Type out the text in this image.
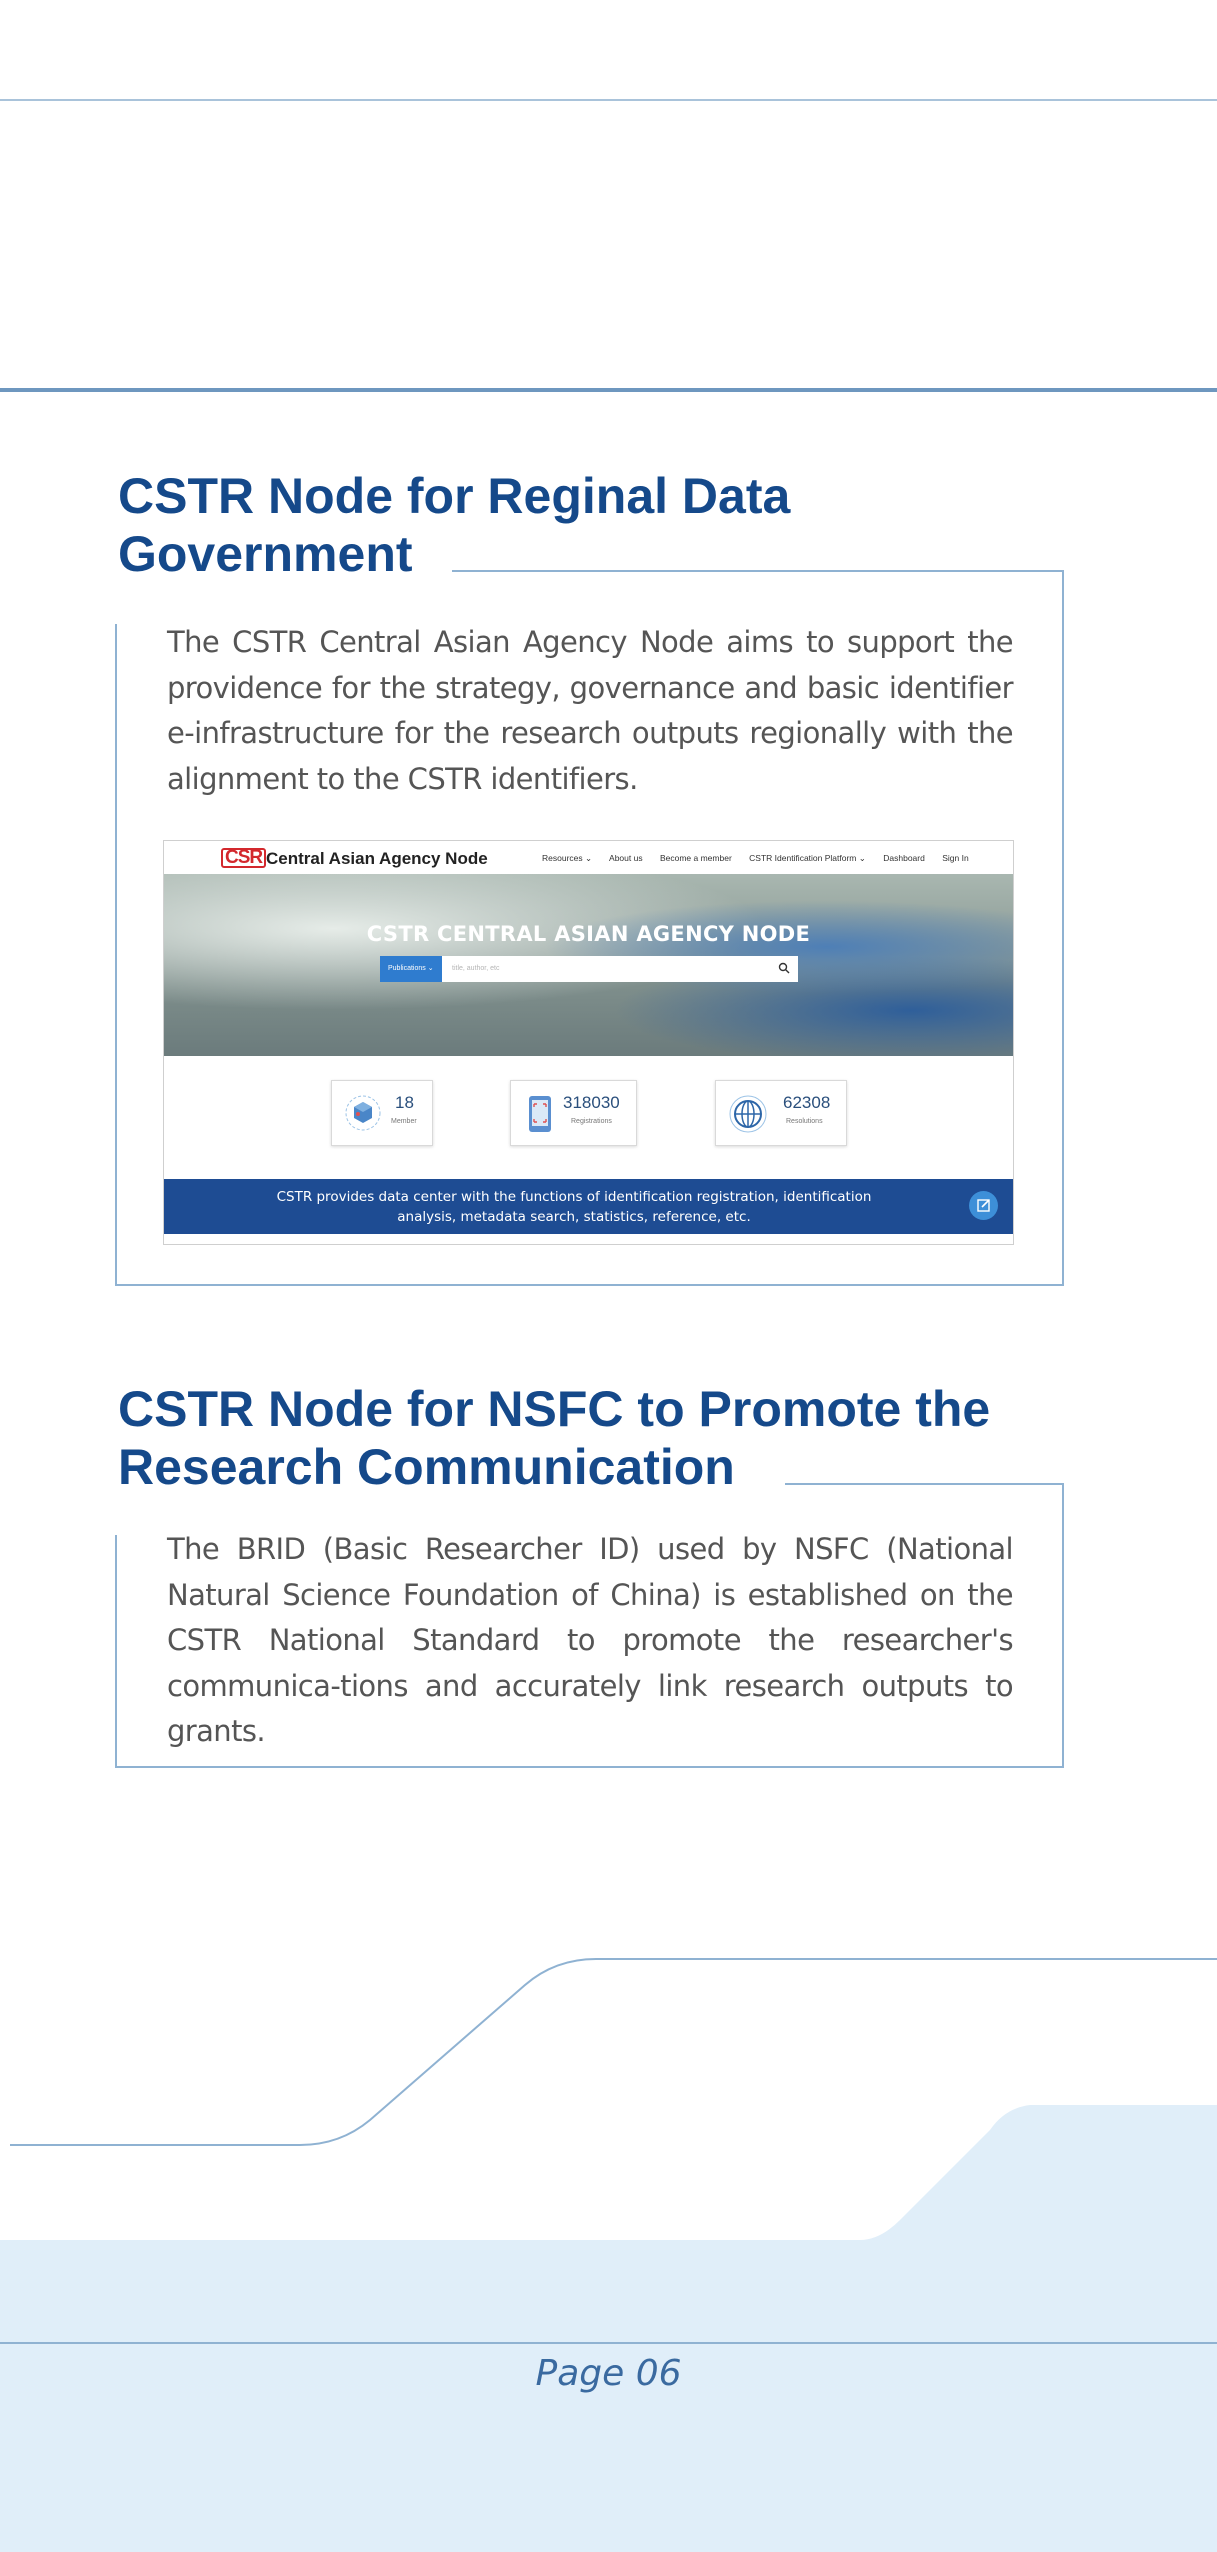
CSTR Node for Reginal Data
Government

The CSTR Central Asian Agency Node aims to support the providence for the strategy, governance and basic identifier e-infrastructure for the research outputs regionally with the alignment to the CSTR identifiers.

CSR Central Asian Agency Node	Resources ⌄ About us Become a member CSTR Identification Platform ⌄ Dashboard Sign In
CSTR CENTRAL ASIAN AGENCY NODE
Publications ⌄	title, author, etc
18
Member
318030
Registrations
62308
Resolutions
CSTR provides data center with the functions of identification registration, identification analysis, metadata search, statistics, reference, etc.
CSTR Node for NSFC to Promote the
Research Communication

The BRID (Basic Researcher ID) used by NSFC (National Natural Science Foundation of China) is established on the CSTR National Standard to promote the researcher's communica-tions and accurately link research outputs to grants.

Page 06
